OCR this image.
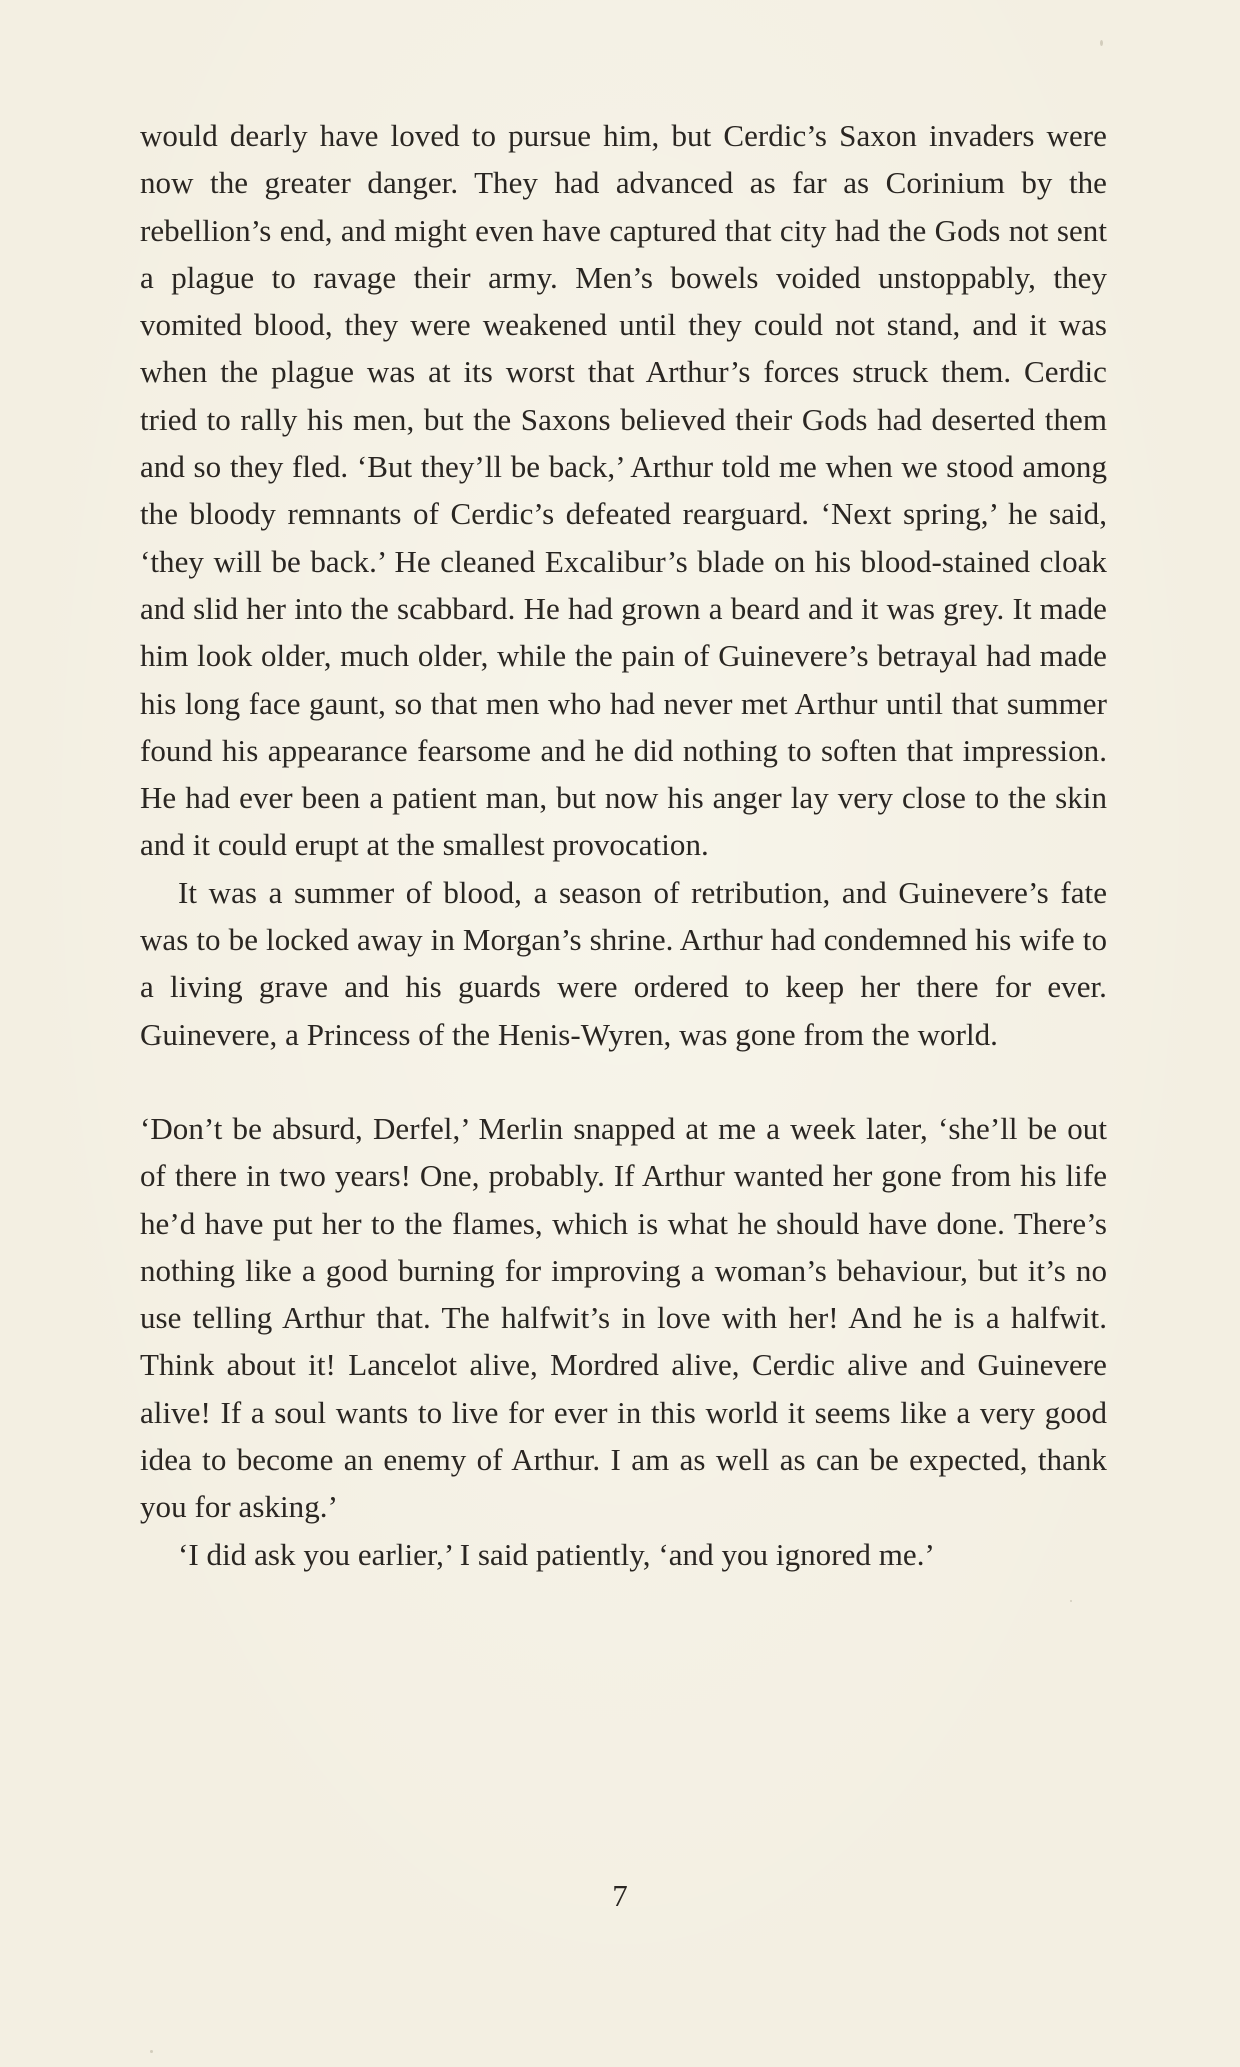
would dearly have loved to pursue him, but Cerdic’s Saxon invaders were now the greater danger. They had advanced as far as Corinium by the rebellion’s end, and might even have captured that city had the Gods not sent a plague to ravage their army. Men’s bowels voided unstoppably, they vomited blood, they were weakened until they could not stand, and it was when the plague was at its worst that Arthur’s forces struck them. Cerdic tried to rally his men, but the Saxons believed their Gods had deserted them and so they fled. ‘But they’ll be back,’ Arthur told me when we stood among the bloody remnants of Cerdic’s defeated rearguard. ‘Next spring,’ he said, ‘they will be back.’ He cleaned Excalibur’s blade on his blood-stained cloak and slid her into the scabbard. He had grown a beard and it was grey. It made him look older, much older, while the pain of Guinevere’s betrayal had made his long face gaunt, so that men who had never met Arthur until that summer found his appearance fearsome and he did nothing to soften that impression. He had ever been a patient man, but now his anger lay very close to the skin and it could erupt at the smallest provocation.

It was a summer of blood, a season of retribution, and Guinevere’s fate was to be locked away in Morgan’s shrine. Arthur had condemned his wife to a living grave and his guards were ordered to keep her there for ever. Guinevere, a Princess of the Henis-Wyren, was gone from the world.

‘Don’t be absurd, Derfel,’ Merlin snapped at me a week later, ‘she’ll be out of there in two years! One, probably. If Arthur wanted her gone from his life he’d have put her to the flames, which is what he should have done. There’s nothing like a good burning for improving a woman’s behaviour, but it’s no use telling Arthur that. The halfwit’s in love with her! And he is a halfwit. Think about it! Lancelot alive, Mordred alive, Cerdic alive and Guinevere alive! If a soul wants to live for ever in this world it seems like a very good idea to become an enemy of Arthur. I am as well as can be expected, thank you for asking.’

‘I did ask you earlier,’ I said patiently, ‘and you ignored me.’

7
